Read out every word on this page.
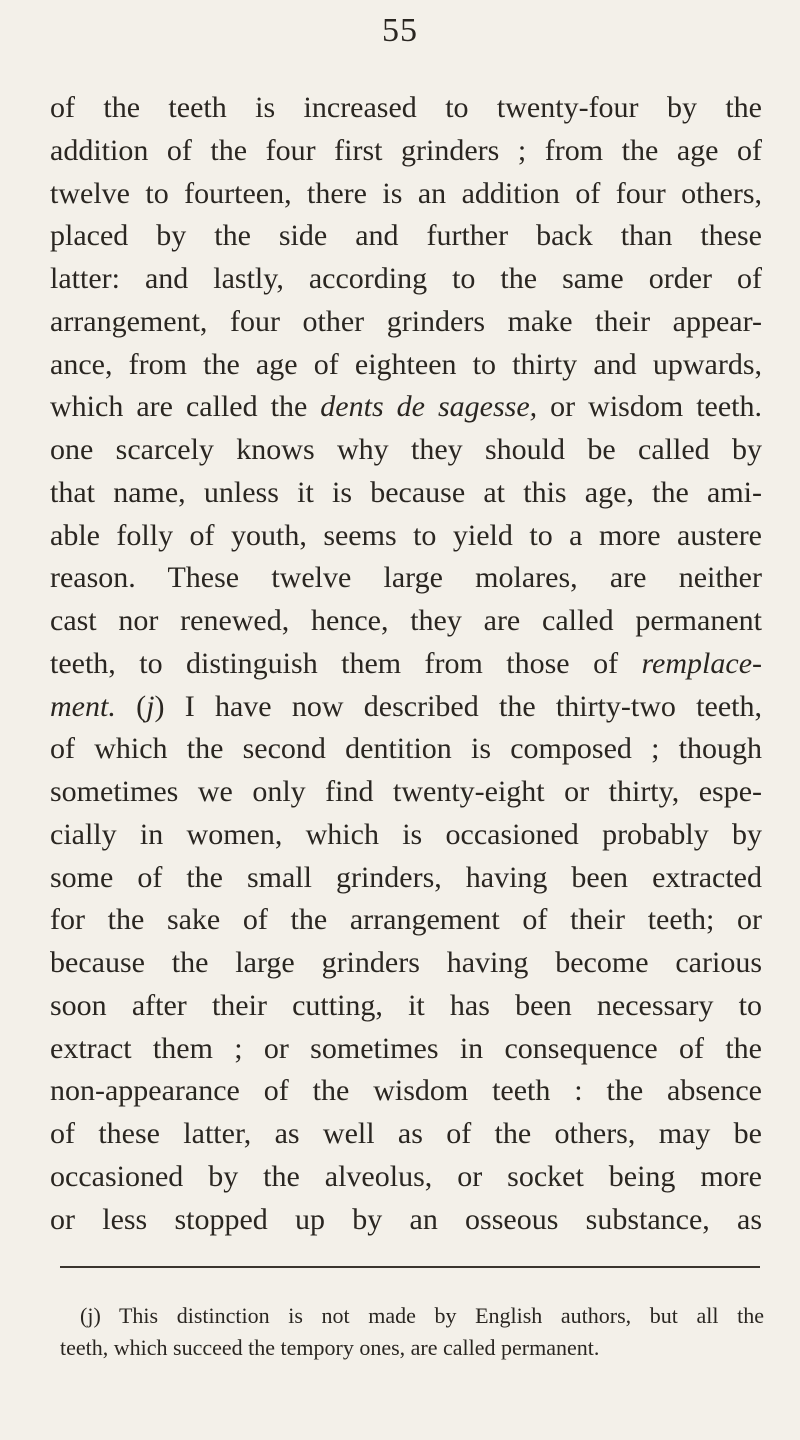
55
of the teeth is increased to twenty-four by the
addition of the four first grinders ; from the age of
twelve to fourteen, there is an addition of four others,
placed by the side and further back than these
latter: and lastly, according to the same order of
arrangement, four other grinders make their appear-
ance, from the age of eighteen to thirty and upwards,
which are called the dents de sagesse, or wisdom teeth.
one scarcely knows why they should be called by
that name, unless it is because at this age, the ami-
able folly of youth, seems to yield to a more austere
reason. These twelve large molares, are neither
cast nor renewed, hence, they are called permanent
teeth, to distinguish them from those of remplace-
ment. (j) I have now described the thirty-two teeth,
of which the second dentition is composed ; though
sometimes we only find twenty-eight or thirty, espe-
cially in women, which is occasioned probably by
some of the small grinders, having been extracted
for the sake of the arrangement of their teeth; or
because the large grinders having become carious
soon after their cutting, it has been necessary to
extract them ; or sometimes in consequence of the
non-appearance of the wisdom teeth : the absence
of these latter, as well as of the others, may be
occasioned by the alveolus, or socket being more
or less stopped up by an osseous substance, as
(j) This distinction is not made by English authors, but all the
teeth, which succeed the tempory ones, are called permanent.
